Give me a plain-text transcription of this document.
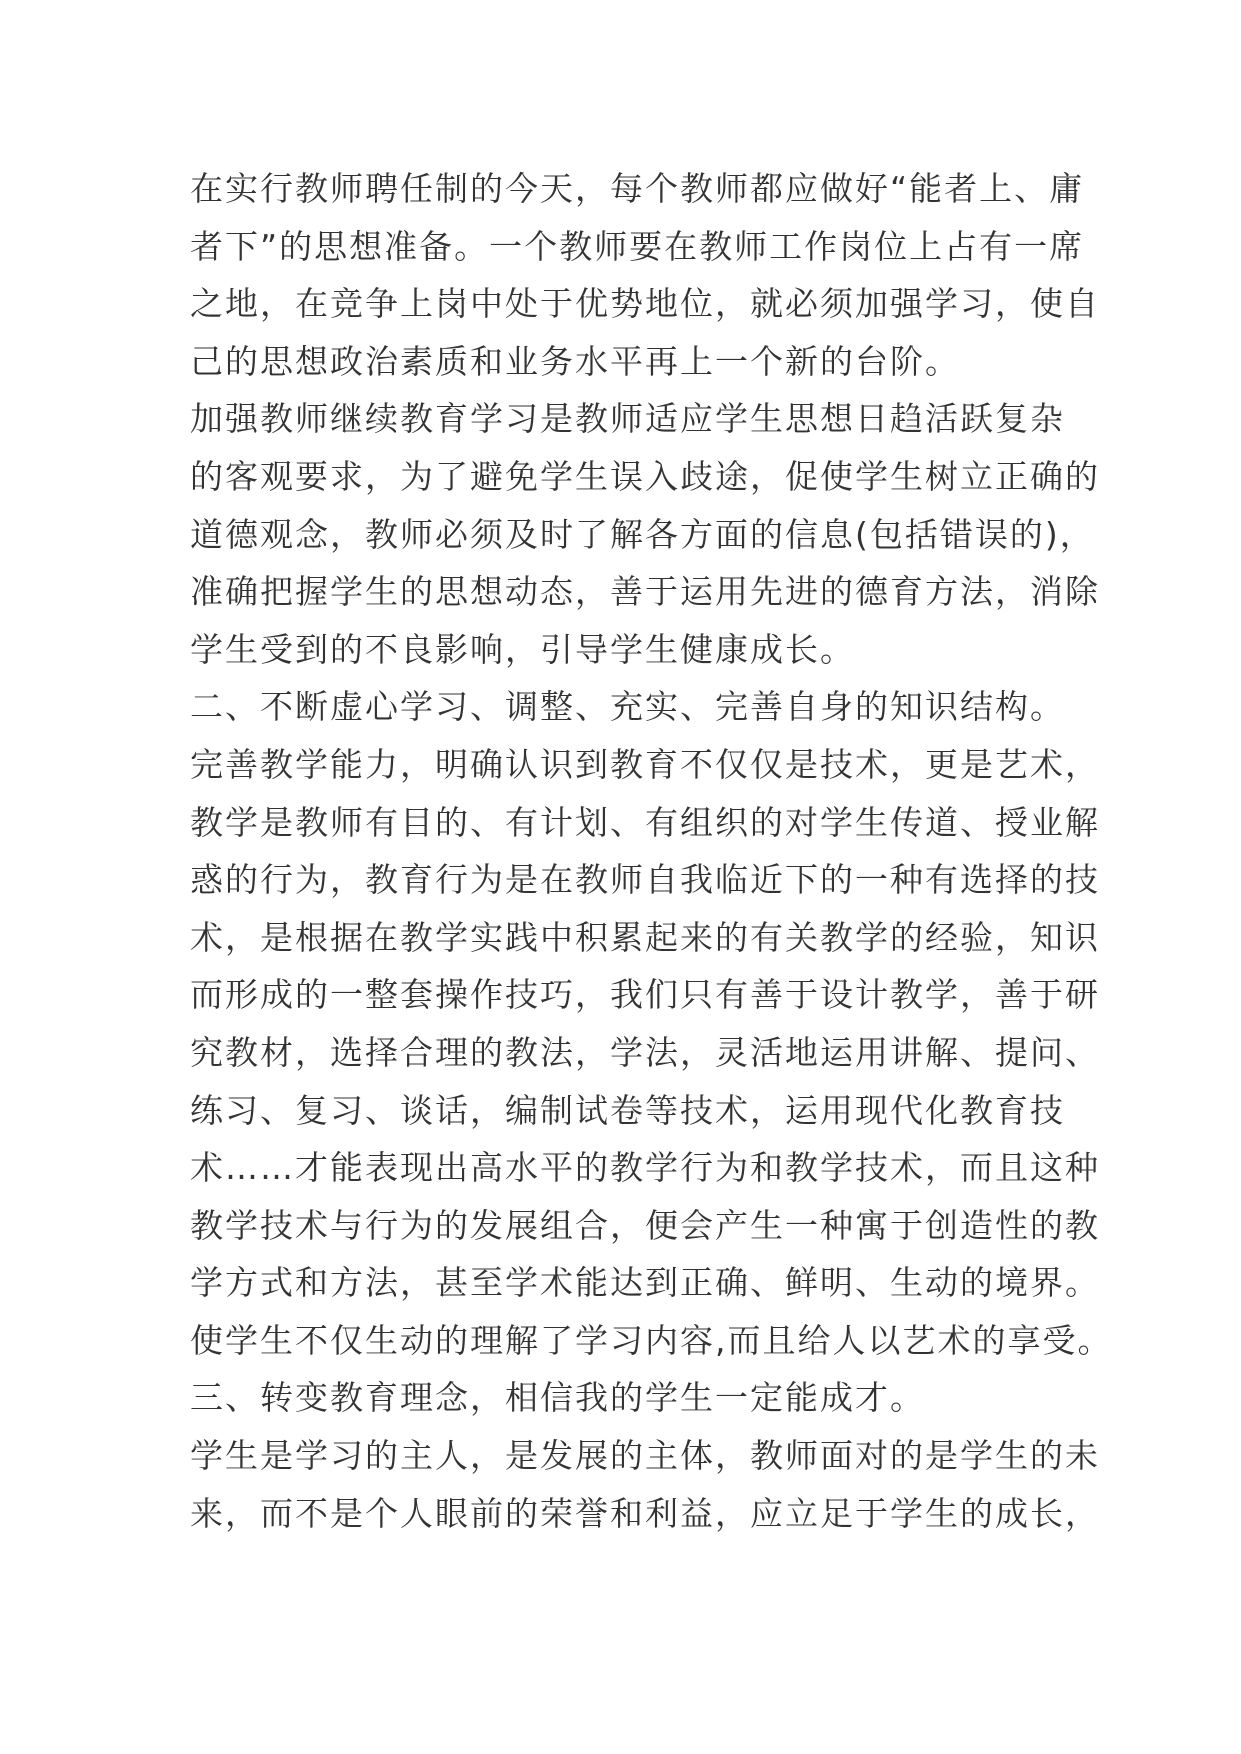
在实行教师聘任制的今天，每个教师都应做好“能者上、庸
者下”的思想准备。一个教师要在教师工作岗位上占有一席
之地，在竞争上岗中处于优势地位，就必须加强学习，使自
己的思想政治素质和业务水平再上一个新的台阶。
加强教师继续教育学习是教师适应学生思想日趋活跃复杂
的客观要求，为了避免学生误入歧途，促使学生树立正确的
道德观念，教师必须及时了解各方面的信息(包括错误的)，
准确把握学生的思想动态，善于运用先进的德育方法，消除
学生受到的不良影响，引导学生健康成长。
二、不断虚心学习、调整、充实、完善自身的知识结构。
完善教学能力，明确认识到教育不仅仅是技术，更是艺术，
教学是教师有目的、有计划、有组织的对学生传道、授业解
惑的行为，教育行为是在教师自我临近下的一种有选择的技
术，是根据在教学实践中积累起来的有关教学的经验，知识
而形成的一整套操作技巧，我们只有善于设计教学，善于研
究教材，选择合理的教法，学法，灵活地运用讲解、提问、
练习、复习、谈话，编制试卷等技术，运用现代化教育技
术……才能表现出高水平的教学行为和教学技术，而且这种
教学技术与行为的发展组合，便会产生一种寓于创造性的教
学方式和方法，甚至学术能达到正确、鲜明、生动的境界。
使学生不仅生动的理解了学习内容,而且给人以艺术的享受。
三、转变教育理念，相信我的学生一定能成才。
学生是学习的主人，是发展的主体，教师面对的是学生的未
来，而不是个人眼前的荣誉和利益，应立足于学生的成长，
